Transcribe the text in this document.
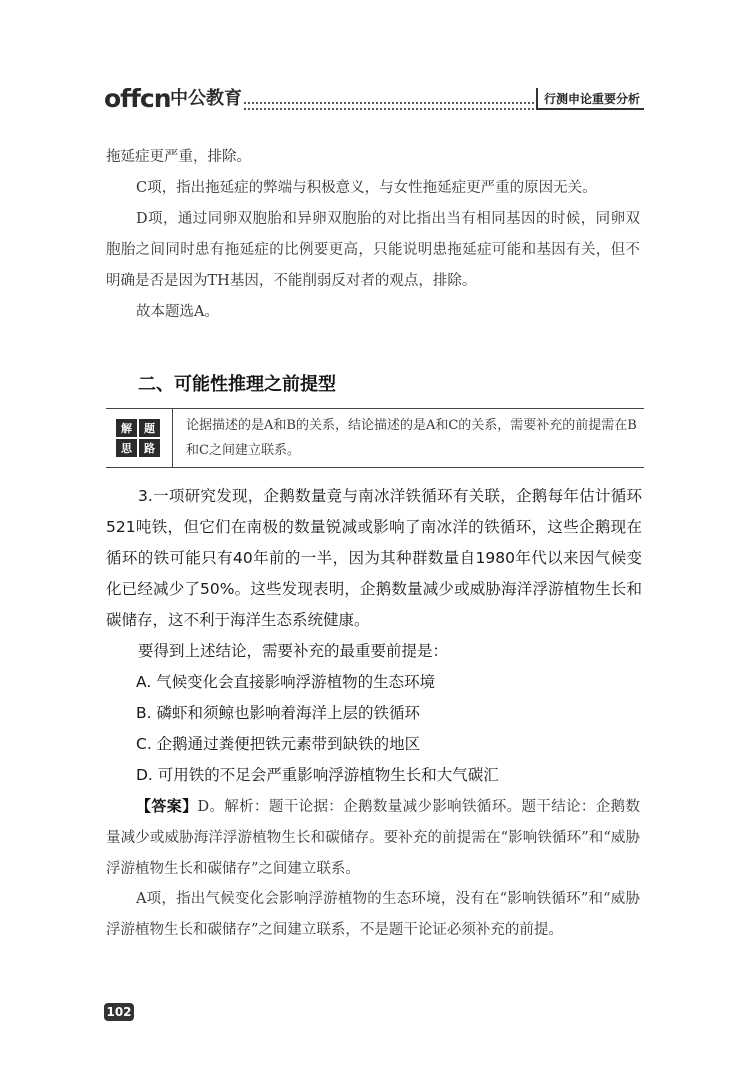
offcn 中公教育	行测申论重要分析

拖延症更严重，排除。

C项，指出拖延症的弊端与积极意义，与女性拖延症更严重的原因无关。

D项，通过同卵双胞胎和异卵双胞胎的对比指出当有相同基因的时候，同卵双胞胎之间同时患有拖延症的比例要更高，只能说明患拖延症可能和基因有关，但不明确是否是因为TH基因，不能削弱反对者的观点，排除。

故本题选A。

二、可能性推理之前提型
解	题
思	路
论据描述的是A和B的关系，结论描述的是A和C的关系，需要补充的前提需在B和C之间建立联系。

3.一项研究发现，企鹅数量竟与南冰洋铁循环有关联，企鹅每年估计循环521吨铁，但它们在南极的数量锐减或影响了南冰洋的铁循环，这些企鹅现在循环的铁可能只有40年前的一半，因为其种群数量自1980年代以来因气候变化已经减少了50%。这些发现表明，企鹅数量减少或威胁海洋浮游植物生长和碳储存，这不利于海洋生态系统健康。

要得到上述结论，需要补充的最重要前提是：

A. 气候变化会直接影响浮游植物的生态环境

B. 磷虾和须鲸也影响着海洋上层的铁循环

C. 企鹅通过粪便把铁元素带到缺铁的地区

D. 可用铁的不足会严重影响浮游植物生长和大气碳汇

【答案】D。解析：题干论据：企鹅数量减少影响铁循环。题干结论：企鹅数量减少或威胁海洋浮游植物生长和碳储存。要补充的前提需在“影响铁循环”和“威胁浮游植物生长和碳储存”之间建立联系。

A项，指出气候变化会影响浮游植物的生态环境，没有在“影响铁循环”和“威胁浮游植物生长和碳储存”之间建立联系，不是题干论证必须补充的前提。

102
